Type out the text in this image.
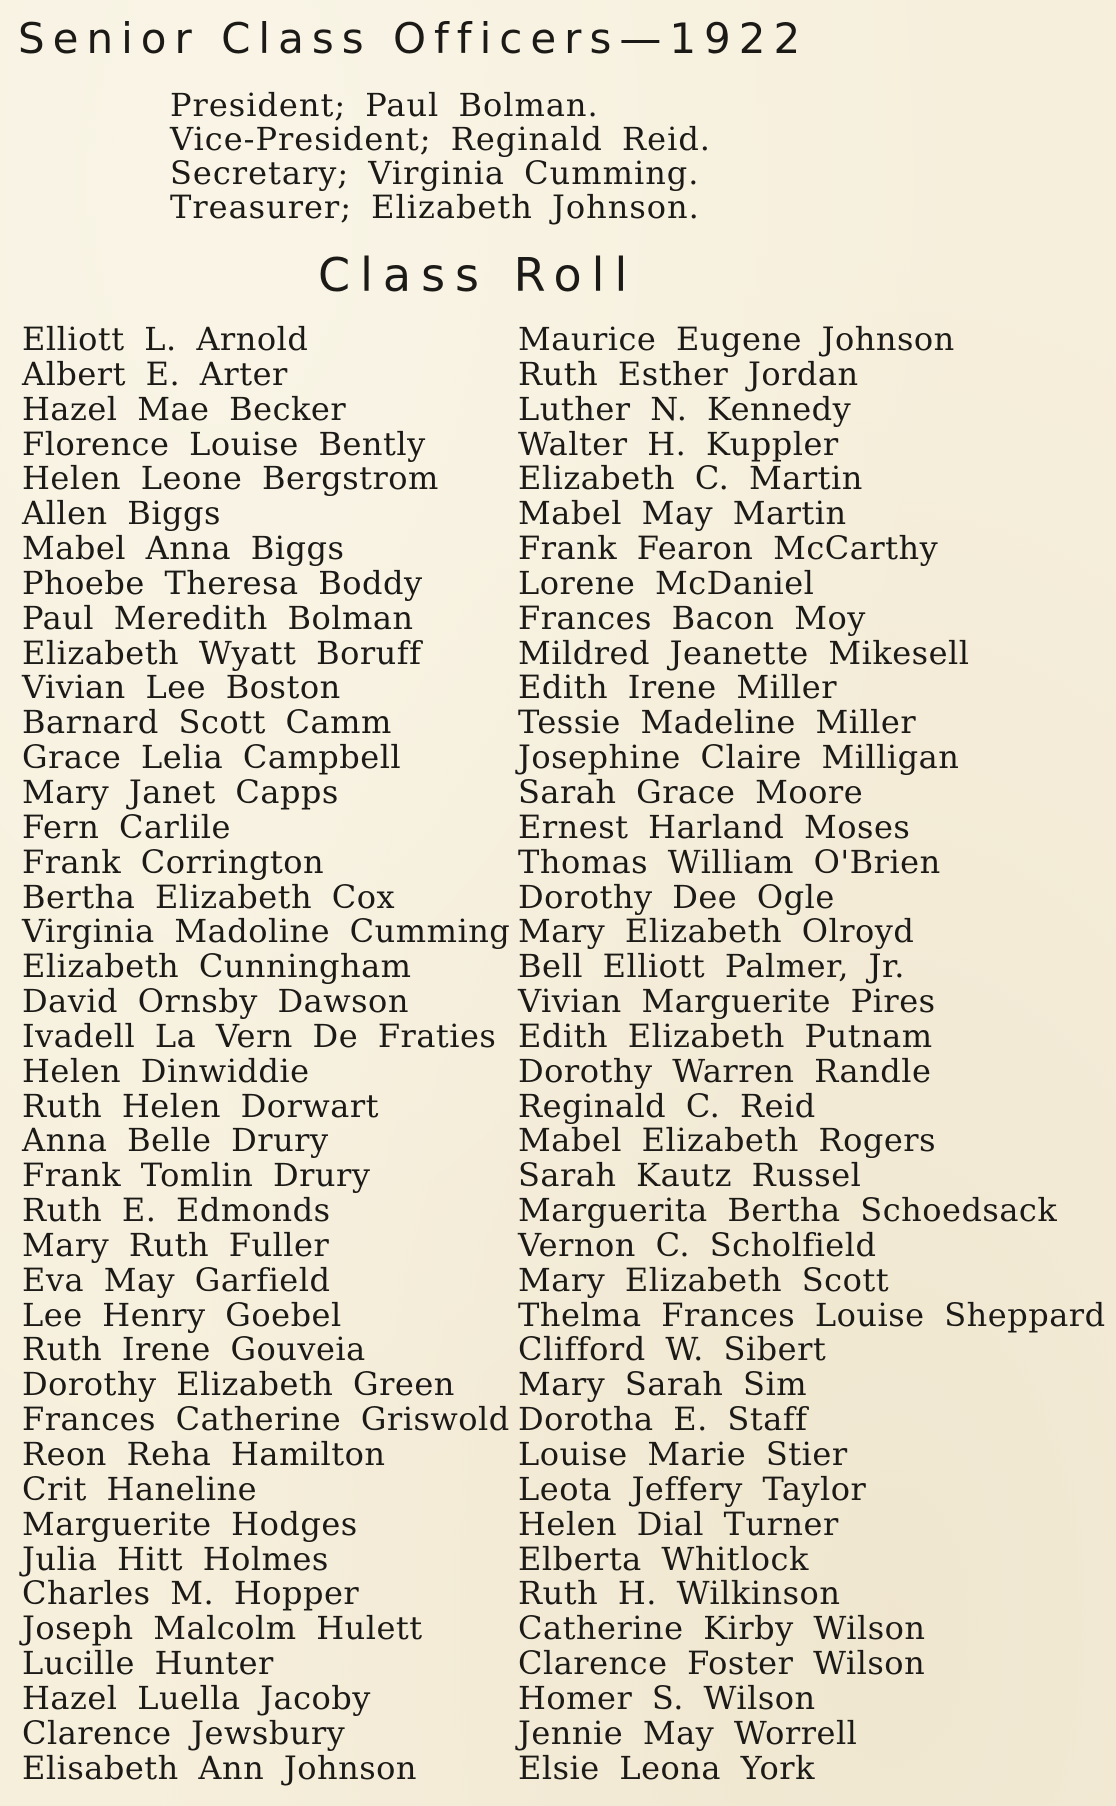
Senior Class Officers—1922
President; Paul Bolman.
Vice-President; Reginald Reid.
Secretary; Virginia Cumming.
Treasurer; Elizabeth Johnson.
Class Roll
Elliott L. Arnold
Albert E. Arter
Hazel Mae Becker
Florence Louise Bently
Helen Leone Bergstrom
Allen Biggs
Mabel Anna Biggs
Phoebe Theresa Boddy
Paul Meredith Bolman
Elizabeth Wyatt Boruff
Vivian Lee Boston
Barnard Scott Camm
Grace Lelia Campbell
Mary Janet Capps
Fern Carlile
Frank Corrington
Bertha Elizabeth Cox
Virginia Madoline Cumming
Elizabeth Cunningham
David Ornsby Dawson
Ivadell La Vern De Fraties
Helen Dinwiddie
Ruth Helen Dorwart
Anna Belle Drury
Frank Tomlin Drury
Ruth E. Edmonds
Mary Ruth Fuller
Eva May Garfield
Lee Henry Goebel
Ruth Irene Gouveia
Dorothy Elizabeth Green
Frances Catherine Griswold
Reon Reha Hamilton
Crit Haneline
Marguerite Hodges
Julia Hitt Holmes
Charles M. Hopper
Joseph Malcolm Hulett
Lucille Hunter
Hazel Luella Jacoby
Clarence Jewsbury
Elisabeth Ann Johnson
Maurice Eugene Johnson
Ruth Esther Jordan
Luther N. Kennedy
Walter H. Kuppler
Elizabeth C. Martin
Mabel May Martin
Frank Fearon McCarthy
Lorene McDaniel
Frances Bacon Moy
Mildred Jeanette Mikesell
Edith Irene Miller
Tessie Madeline Miller
Josephine Claire Milligan
Sarah Grace Moore
Ernest Harland Moses
Thomas William O'Brien
Dorothy Dee Ogle
Mary Elizabeth Olroyd
Bell Elliott Palmer, Jr.
Vivian Marguerite Pires
Edith Elizabeth Putnam
Dorothy Warren Randle
Reginald C. Reid
Mabel Elizabeth Rogers
Sarah Kautz Russel
Marguerita Bertha Schoedsack
Vernon C. Scholfield
Mary Elizabeth Scott
Thelma Frances Louise Sheppard
Clifford W. Sibert
Mary Sarah Sim
Dorotha E. Staff
Louise Marie Stier
Leota Jeffery Taylor
Helen Dial Turner
Elberta Whitlock
Ruth H. Wilkinson
Catherine Kirby Wilson
Clarence Foster Wilson
Homer S. Wilson
Jennie May Worrell
Elsie Leona York
